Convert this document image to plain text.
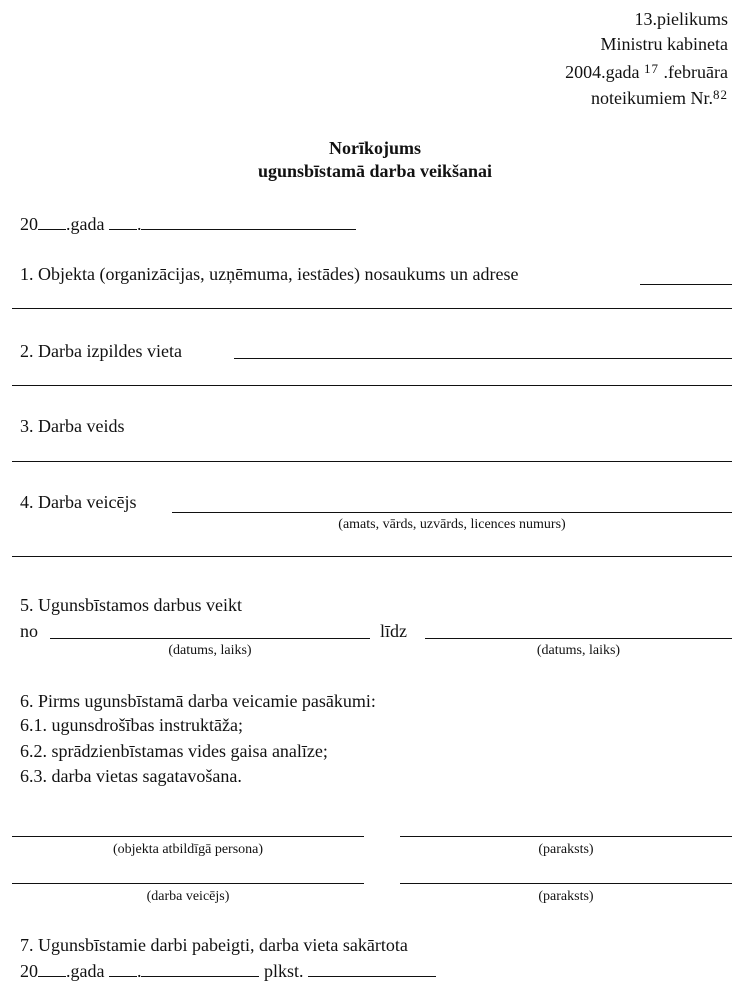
13.pielikums
Ministru kabineta
2004.gada $^{17}$ .februāra
noteikumiem Nr.$^{82}$
Norīkojums
ugunsbīstamā darba veikšanai
20 .gada .
1. Objekta (organizācijas, uzņēmuma, iestādes) nosaukums un adrese
2. Darba izpildes vieta
3. Darba veids
4. Darba veicējs
(amats, vārds, uzvārds, licences numurs)
5. Ugunsbīstamos darbus veikt
no
(datums, laiks)
līdz
(datums, laiks)
6. Pirms ugunsbīstamā darba veicamie pasākumi:
6.1. ugunsdrošības instruktāža;
6.2. sprādzienbīstamas vides gaisa analīze;
6.3. darba vietas sagatavošana.
(objekta atbildīgā persona)	(paraksts)
(darba veicējs)	(paraksts)
7. Ugunsbīstamie darbi pabeigti, darba vieta sakārtota
20 .gada .	plkst.
